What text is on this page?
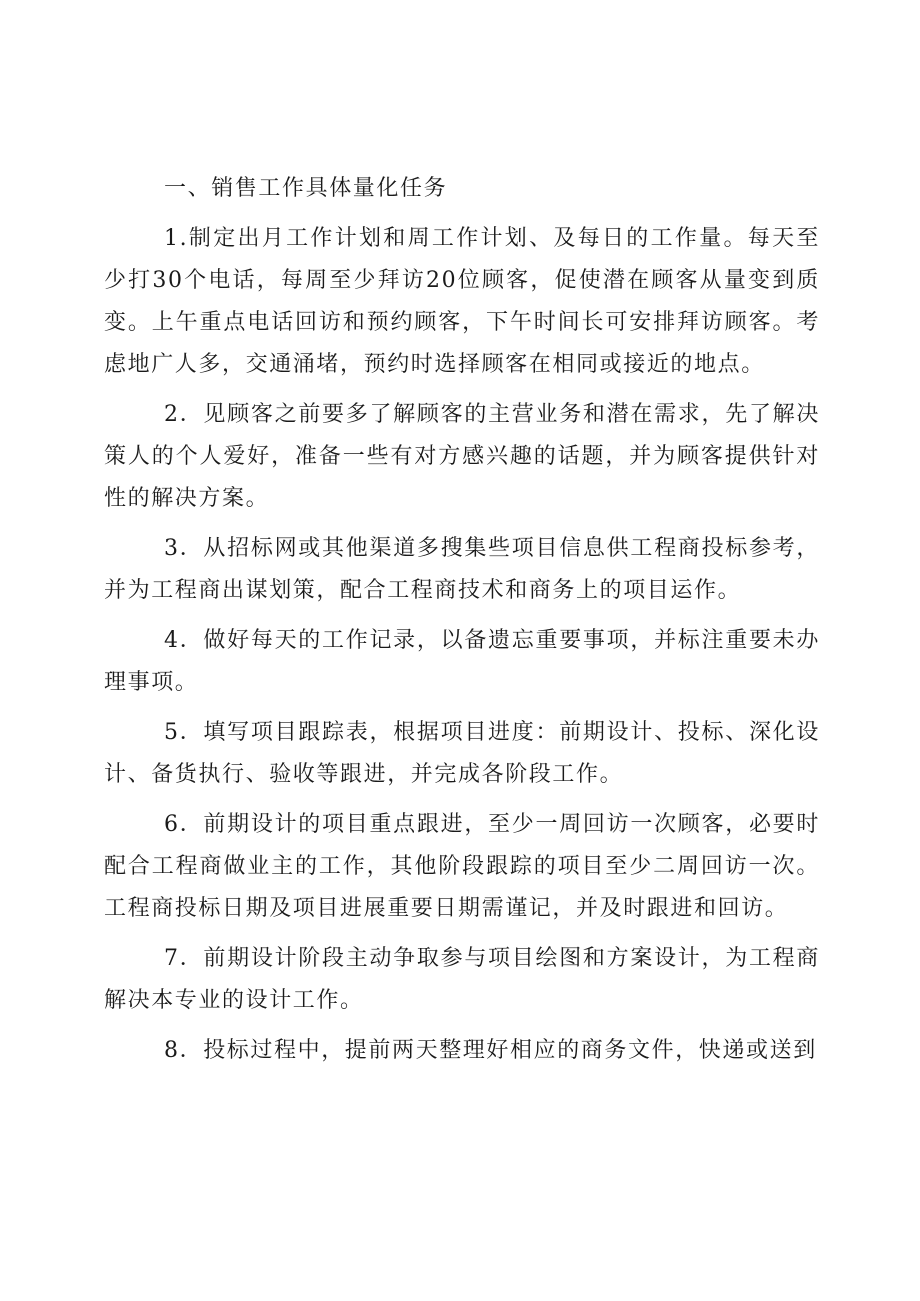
一、销售工作具体量化任务

1.制定出月工作计划和周工作计划、及每日的工作量。每天至少打30个电话，每周至少拜访20位顾客，促使潜在顾客从量变到质变。上午重点电话回访和预约顾客，下午时间长可安排拜访顾客。考虑地广人多，交通涌堵，预约时选择顾客在相同或接近的地点。

2．见顾客之前要多了解顾客的主营业务和潜在需求，先了解决策人的个人爱好，准备一些有对方感兴趣的话题，并为顾客提供针对性的解决方案。

3．从招标网或其他渠道多搜集些项目信息供工程商投标参考，并为工程商出谋划策，配合工程商技术和商务上的项目运作。

4．做好每天的工作记录，以备遗忘重要事项，并标注重要未办理事项。

5．填写项目跟踪表，根据项目进度：前期设计、投标、深化设计、备货执行、验收等跟进，并完成各阶段工作。

6．前期设计的项目重点跟进，至少一周回访一次顾客，必要时配合工程商做业主的工作，其他阶段跟踪的项目至少二周回访一次。工程商投标日期及项目进展重要日期需谨记，并及时跟进和回访。

7．前期设计阶段主动争取参与项目绘图和方案设计，为工程商解决本专业的设计工作。

8．投标过程中，提前两天整理好相应的商务文件，快递或送到
